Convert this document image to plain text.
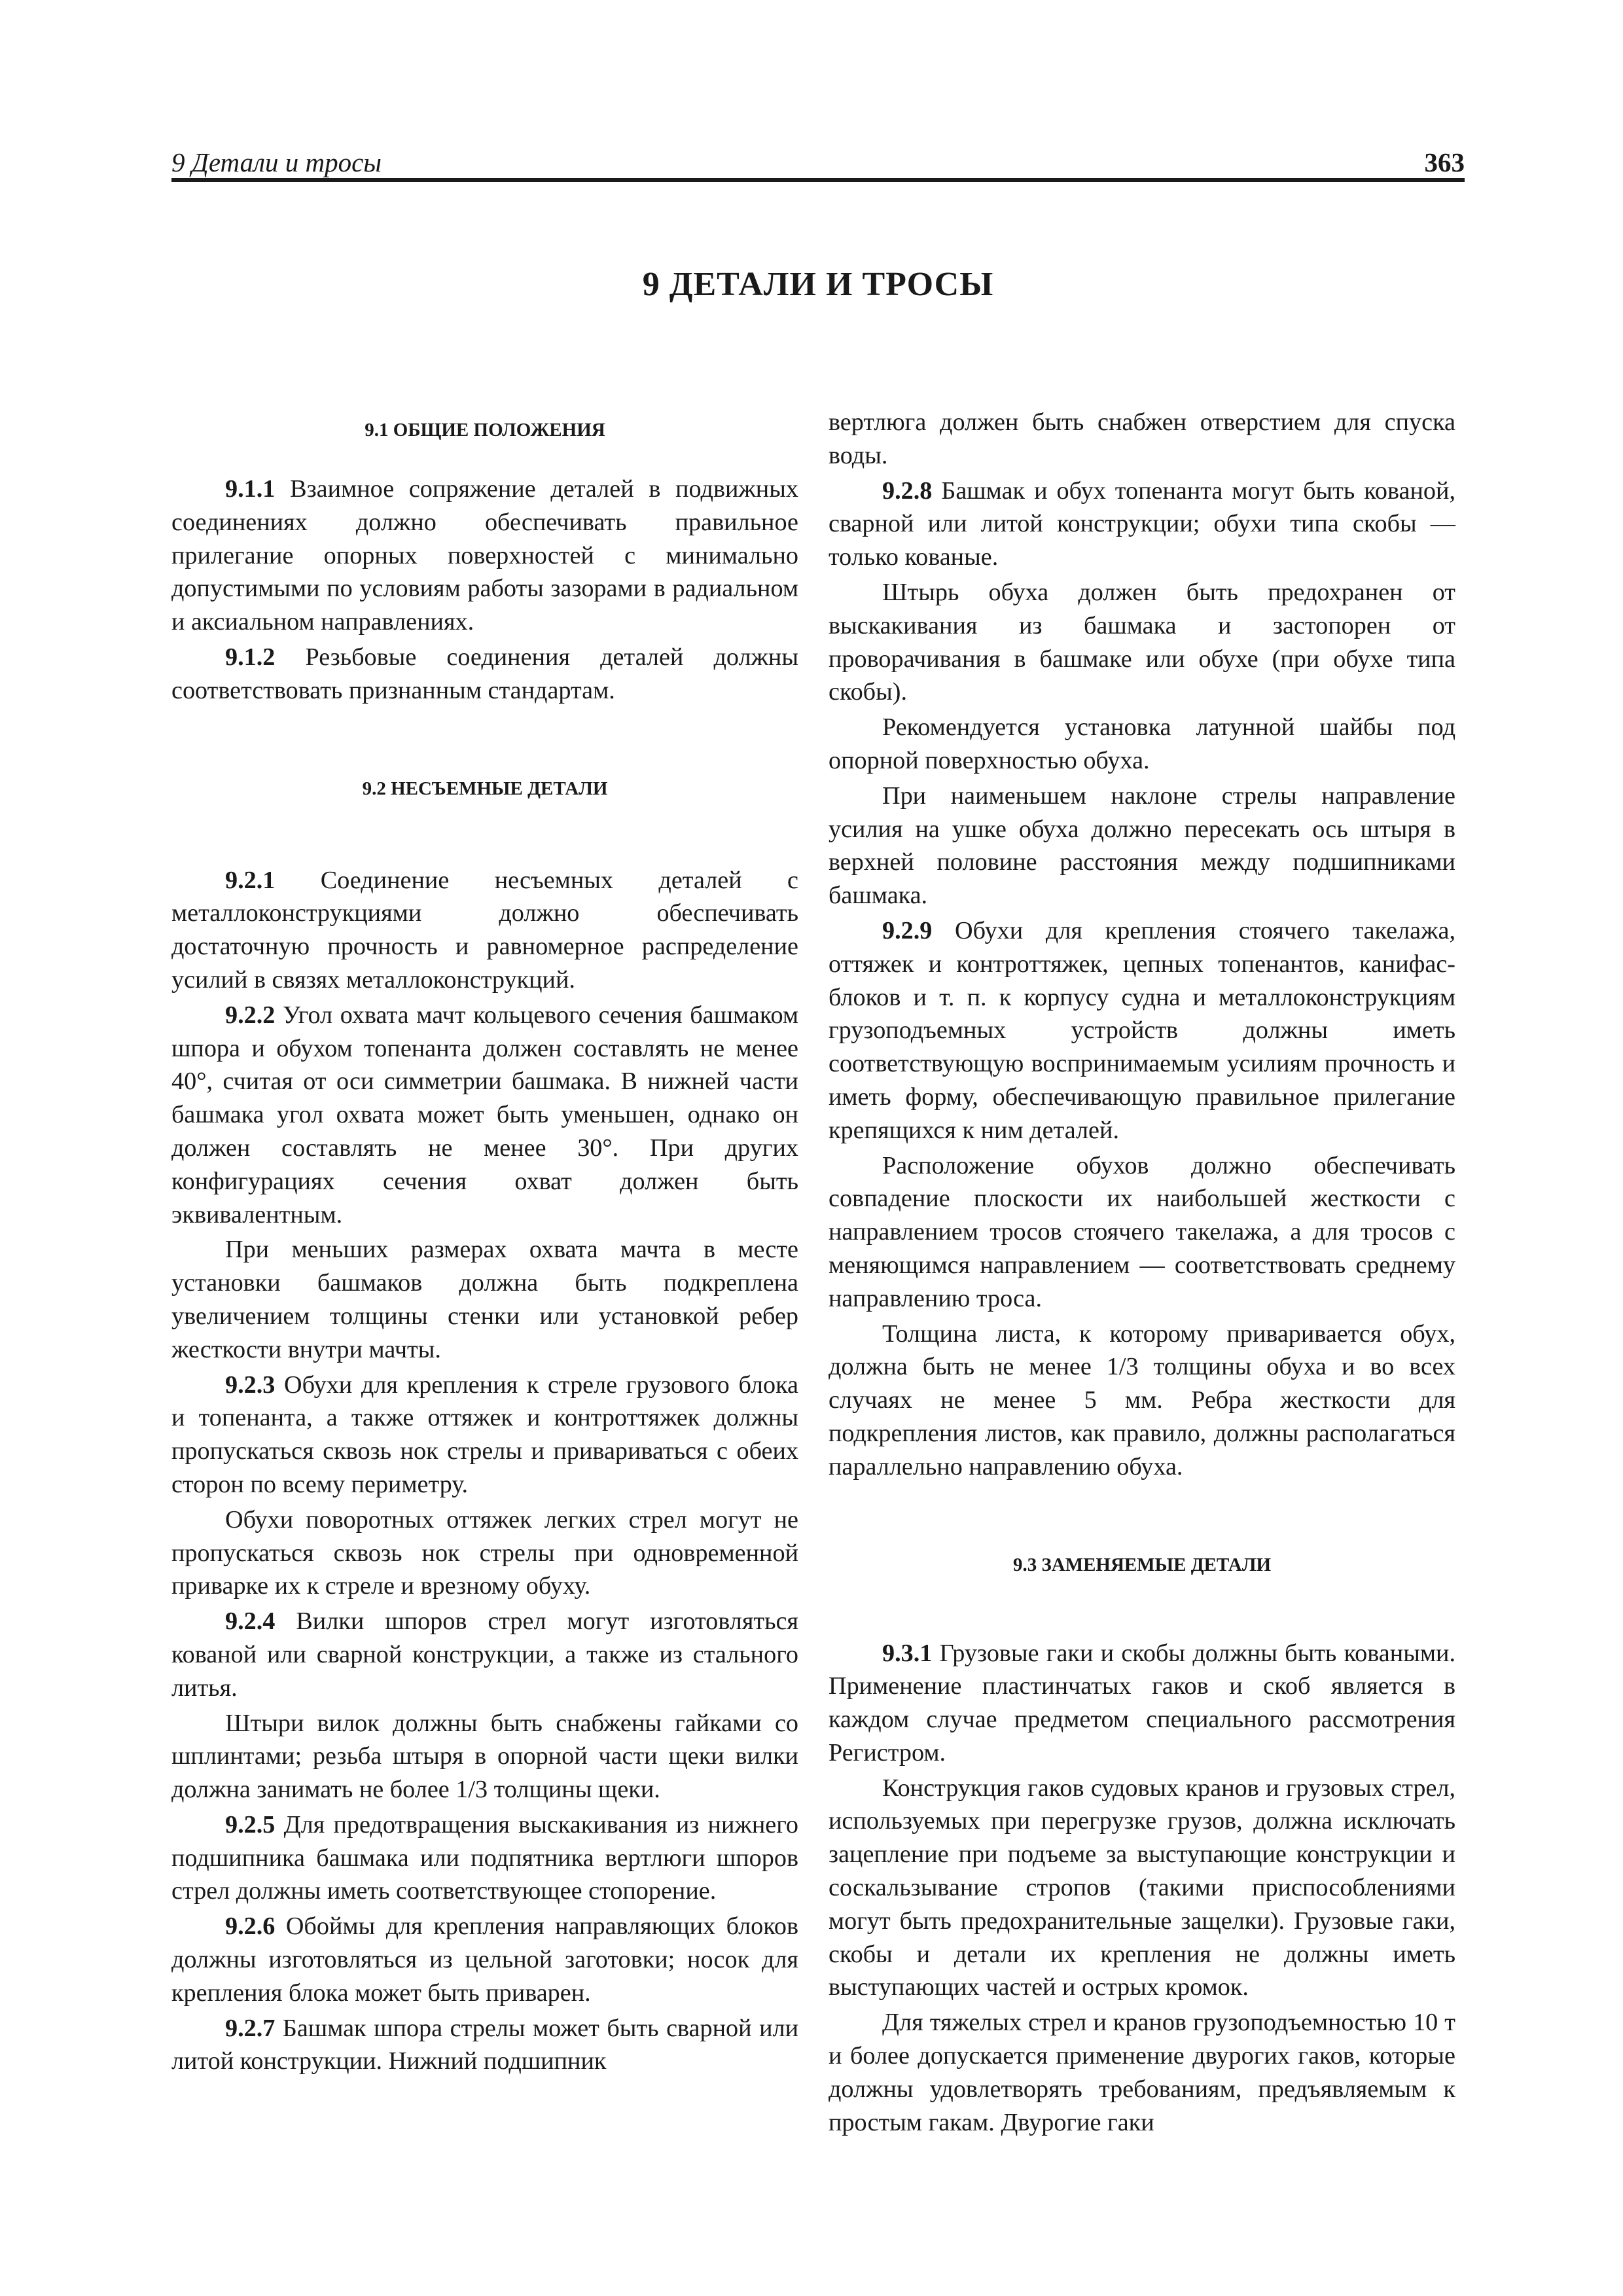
9 Детали и тросы	363
9 ДЕТАЛИ И ТРОСЫ
9.1 ОБЩИЕ ПОЛОЖЕНИЯ

9.1.1 Взаимное сопряжение деталей в подвижных соединениях должно обеспечивать правильное прилегание опорных поверхностей с минимально допустимыми по условиям работы зазорами в радиальном и аксиальном направлениях.

9.1.2 Резьбовые соединения деталей должны соответствовать признанным стандартам.

9.2 НЕСЪЕМНЫЕ ДЕТАЛИ

9.2.1 Соединение несъемных деталей с металлоконструкциями должно обеспечивать достаточную прочность и равномерное распределение усилий в связях металлоконструкций.

9.2.2 Угол охвата мачт кольцевого сечения башмаком шпора и обухом топенанта должен составлять не менее 40°, считая от оси симметрии башмака. В нижней части башмака угол охвата может быть уменьшен, однако он должен составлять не менее 30°. При других конфигурациях сечения охват должен быть эквивалентным.

При меньших размерах охвата мачта в месте установки башмаков должна быть подкреплена увеличением толщины стенки или установкой ребер жесткости внутри мачты.

9.2.3 Обухи для крепления к стреле грузового блока и топенанта, а также оттяжек и контроттяжек должны пропускаться сквозь нок стрелы и привариваться с обеих сторон по всему периметру.

Обухи поворотных оттяжек легких стрел могут не пропускаться сквозь нок стрелы при одновременной приварке их к стреле и врезному обуху.

9.2.4 Вилки шпоров стрел могут изготовляться кованой или сварной конструкции, а также из стального литья.

Штыри вилок должны быть снабжены гайками со шплинтами; резьба штыря в опорной части щеки вилки должна занимать не более 1/3 толщины щеки.

9.2.5 Для предотвращения выскакивания из нижнего подшипника башмака или подпятника вертлюги шпоров стрел должны иметь соответствующее стопорение.

9.2.6 Обоймы для крепления направляющих блоков должны изготовляться из цельной заготовки; носок для крепления блока может быть приварен.

9.2.7 Башмак шпора стрелы может быть сварной или литой конструкции. Нижний подшипник

вертлюга должен быть снабжен отверстием для спуска воды.

9.2.8 Башмак и обух топенанта могут быть кованой, сварной или литой конструкции; обухи типа скобы — только кованые.

Штырь обуха должен быть предохранен от выскакивания из башмака и застопорен от проворачивания в башмаке или обухе (при обухе типа скобы).

Рекомендуется установка латунной шайбы под опорной поверхностью обуха.

При наименьшем наклоне стрелы направление усилия на ушке обуха должно пересекать ось штыря в верхней половине расстояния между подшипниками башмака.

9.2.9 Обухи для крепления стоячего такелажа, оттяжек и контроттяжек, цепных топенантов, канифас-блоков и т. п. к корпусу судна и металлоконструкциям грузоподъемных устройств должны иметь соответствующую воспринимаемым усилиям прочность и иметь форму, обеспечивающую правильное прилегание крепящихся к ним деталей.

Расположение обухов должно обеспечивать совпадение плоскости их наибольшей жесткости с направлением тросов стоячего такелажа, а для тросов с меняющимся направлением — соответствовать среднему направлению троса.

Толщина листа, к которому приваривается обух, должна быть не менее 1/3 толщины обуха и во всех случаях не менее 5 мм. Ребра жесткости для подкрепления листов, как правило, должны располагаться параллельно направлению обуха.

9.3 ЗАМЕНЯЕМЫЕ ДЕТАЛИ

9.3.1 Грузовые гаки и скобы должны быть коваными. Применение пластинчатых гаков и скоб является в каждом случае предметом специального рассмотрения Регистром.

Конструкция гаков судовых кранов и грузовых стрел, используемых при перегрузке грузов, должна исключать зацепление при подъеме за выступающие конструкции и соскальзывание стропов (такими приспособлениями могут быть предохранительные защелки). Грузовые гаки, скобы и детали их крепления не должны иметь выступающих частей и острых кромок.

Для тяжелых стрел и кранов грузоподъемностью 10 т и более допускается применение двурогих гаков, которые должны удовлетворять требованиям, предъявляемым к простым гакам. Двурогие гаки
